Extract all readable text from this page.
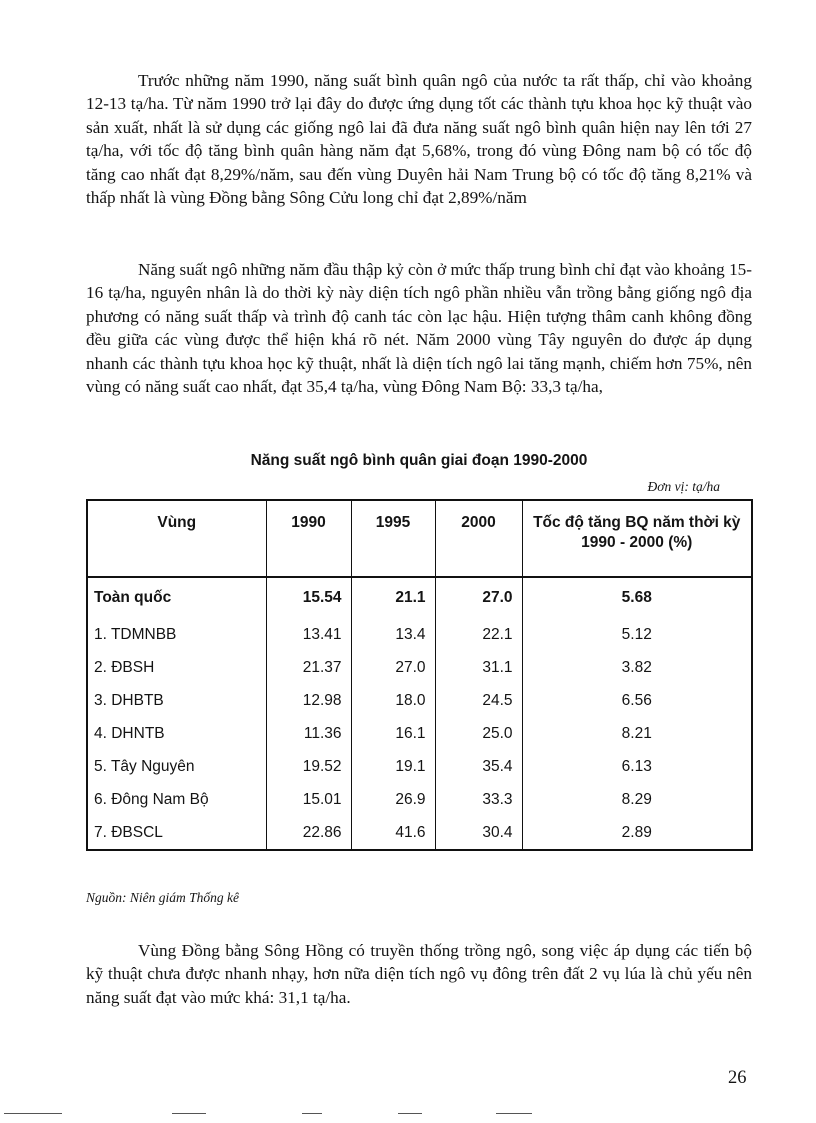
Trước những năm 1990, năng suất bình quân ngô của nước ta rất thấp, chỉ vào khoảng 12-13 tạ/ha. Từ năm 1990 trở lại đây do được ứng dụng tốt các thành tựu khoa học kỹ thuật vào sản xuất, nhất là sử dụng các giống ngô lai đã đưa năng suất ngô bình quân hiện nay lên tới 27 tạ/ha, với tốc độ tăng bình quân hàng năm đạt 5,68%, trong đó vùng Đông nam bộ có tốc độ tăng cao nhất đạt 8,29%/năm, sau đến vùng Duyên hải Nam Trung bộ có tốc độ tăng 8,21% và thấp nhất là vùng Đồng bằng Sông Cửu long chỉ đạt 2,89%/năm

Năng suất ngô những năm đầu thập kỷ còn ở mức thấp trung bình chỉ đạt vào khoảng 15-16 tạ/ha, nguyên nhân là do thời kỳ này diện tích ngô phần nhiều vẫn trồng bằng giống ngô địa phương có năng suất thấp và trình độ canh tác còn lạc hậu. Hiện tượng thâm canh không đồng đều giữa các vùng được thể hiện khá rõ nét. Năm 2000 vùng Tây nguyên do được áp dụng nhanh các thành tựu khoa học kỹ thuật, nhất là diện tích ngô lai tăng mạnh, chiếm hơn 75%, nên vùng có năng suất cao nhất, đạt 35,4 tạ/ha, vùng Đông Nam Bộ: 33,3 tạ/ha,

Năng suất ngô bình quân giai đoạn 1990-2000
Đơn vị: tạ/ha
Vùng	1990	1995	2000	Tốc độ tăng BQ năm thời kỳ 1990 - 2000 (%)
Toàn quốc	15.54	21.1	27.0	5.68
1. TDMNBB	13.41	13.4	22.1	5.12
2. ĐBSH	21.37	27.0	31.1	3.82
3. DHBTB	12.98	18.0	24.5	6.56
4. DHNTB	11.36	16.1	25.0	8.21
5. Tây Nguyên	19.52	19.1	35.4	6.13
6. Đông Nam Bộ	15.01	26.9	33.3	8.29
7. ĐBSCL	22.86	41.6	30.4	2.89
Nguồn: Niên giám Thống kê

Vùng Đồng bằng Sông Hồng có truyền thống trồng ngô, song việc áp dụng các tiến bộ kỹ thuật chưa được nhanh nhạy, hơn nữa diện tích ngô vụ đông trên đất 2 vụ lúa là chủ yếu nên năng suất đạt vào mức khá: 31,1 tạ/ha.

26
